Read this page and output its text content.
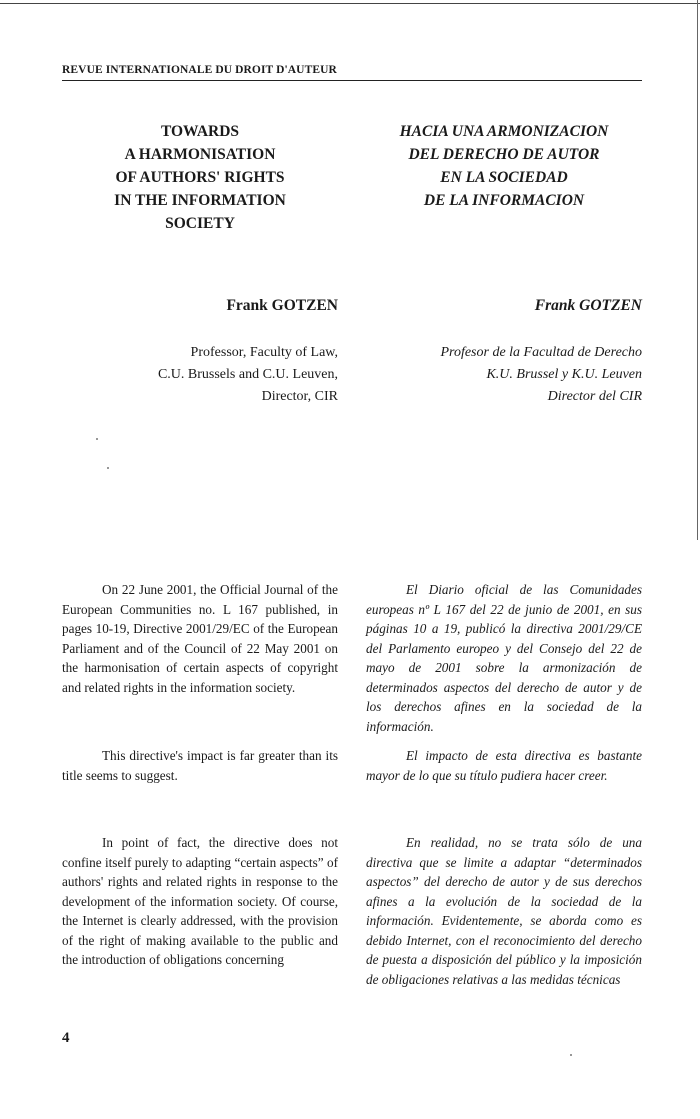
REVUE INTERNATIONALE DU DROIT D'AUTEUR
TOWARDS
A HARMONISATION
OF AUTHORS' RIGHTS
IN THE INFORMATION
SOCIETY
HACIA UNA ARMONIZACION
DEL DERECHO DE AUTOR
EN LA SOCIEDAD
DE LA INFORMACION
Frank GOTZEN	Frank GOTZEN
Professor, Faculty of Law,
C.U. Brussels and C.U. Leuven,
Director, CIR
Profesor de la Facultad de Derecho
K.U. Brussel y K.U. Leuven
Director del CIR

On 22 June 2001, the Official Journal of the European Communities no. L 167 published, in pages 10-19, Directive 2001/29/EC of the European Parliament and of the Council of 22 May 2001 on the harmonisation of certain aspects of copyright and related rights in the information society.

This directive's impact is far greater than its title seems to suggest.

In point of fact, the directive does not confine itself purely to adapting “certain aspects” of authors' rights and related rights in response to the development of the information society. Of course, the Internet is clearly addressed, with the provision of the right of making available to the public and the introduction of obligations concerning

El Diario oficial de las Comunidades europeas nº L 167 del 22 de junio de 2001, en sus páginas 10 a 19, publicó la directiva 2001/29/CE del Parlamento europeo y del Consejo del 22 de mayo de 2001 sobre la armonización de determinados aspectos del derecho de autor y de los derechos afines en la sociedad de la información.

El impacto de esta directiva es bastante mayor de lo que su título pudiera hacer creer.

En realidad, no se trata sólo de una directiva que se limite a adaptar “determinados aspectos” del derecho de autor y de sus derechos afines a la evolución de la sociedad de la información. Evidentemente, se aborda como es debido Internet, con el reconocimiento del derecho de puesta a disposición del público y la imposición de obligaciones relativas a las medidas técnicas

4
